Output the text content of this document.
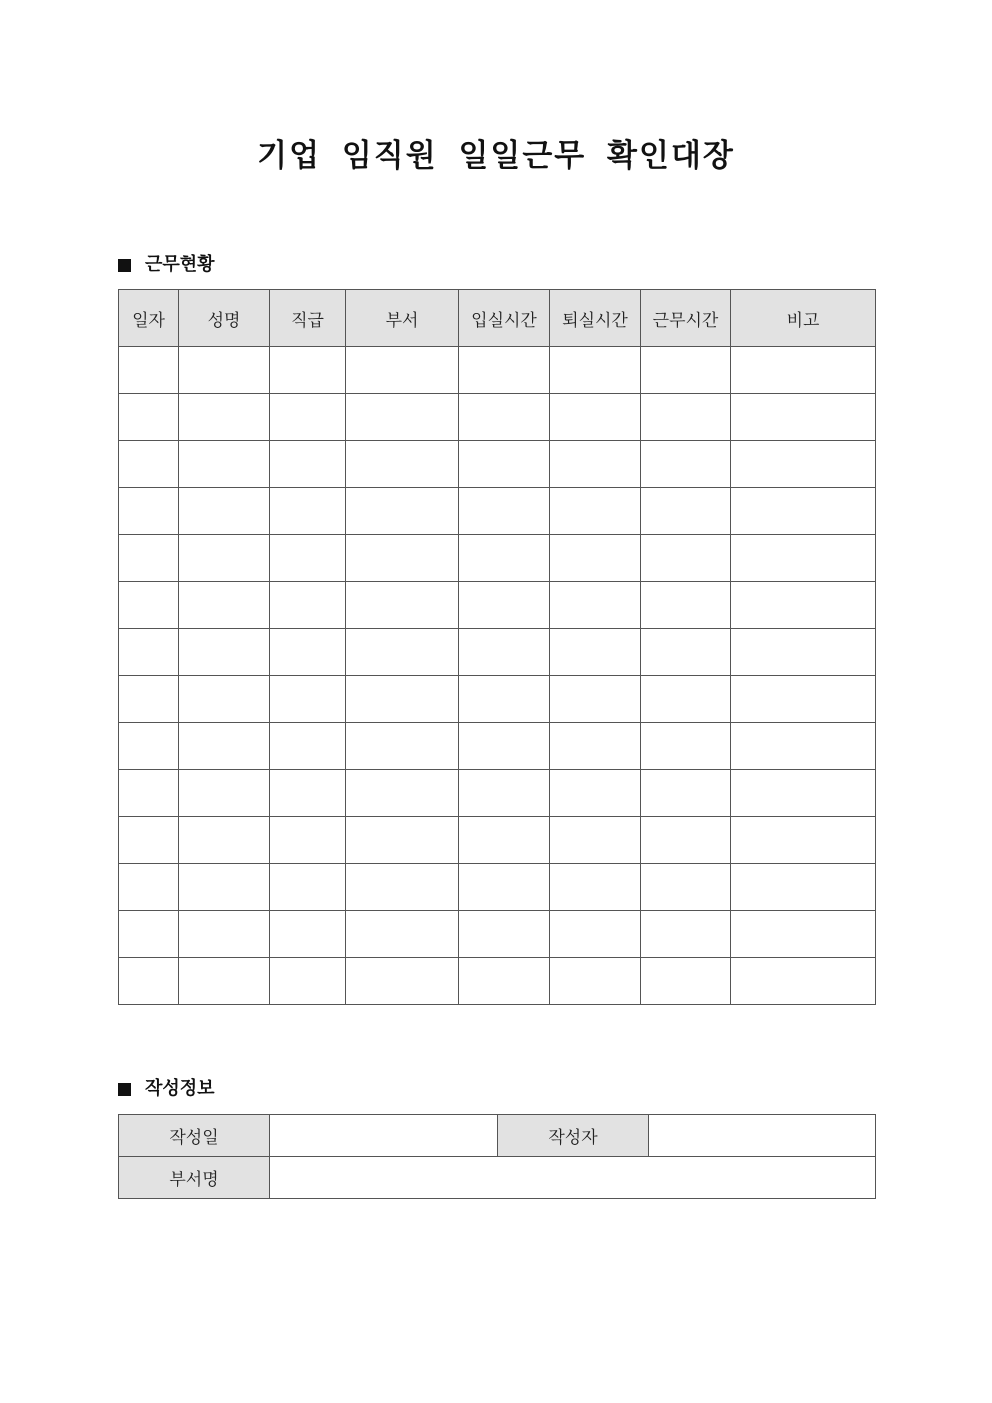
기업 임직원 일일근무 확인대장
근무현황
일자	성명	직급	부서	입실시간	퇴실시간	근무시간	비고

작성정보
작성일		작성자	
부서명			
